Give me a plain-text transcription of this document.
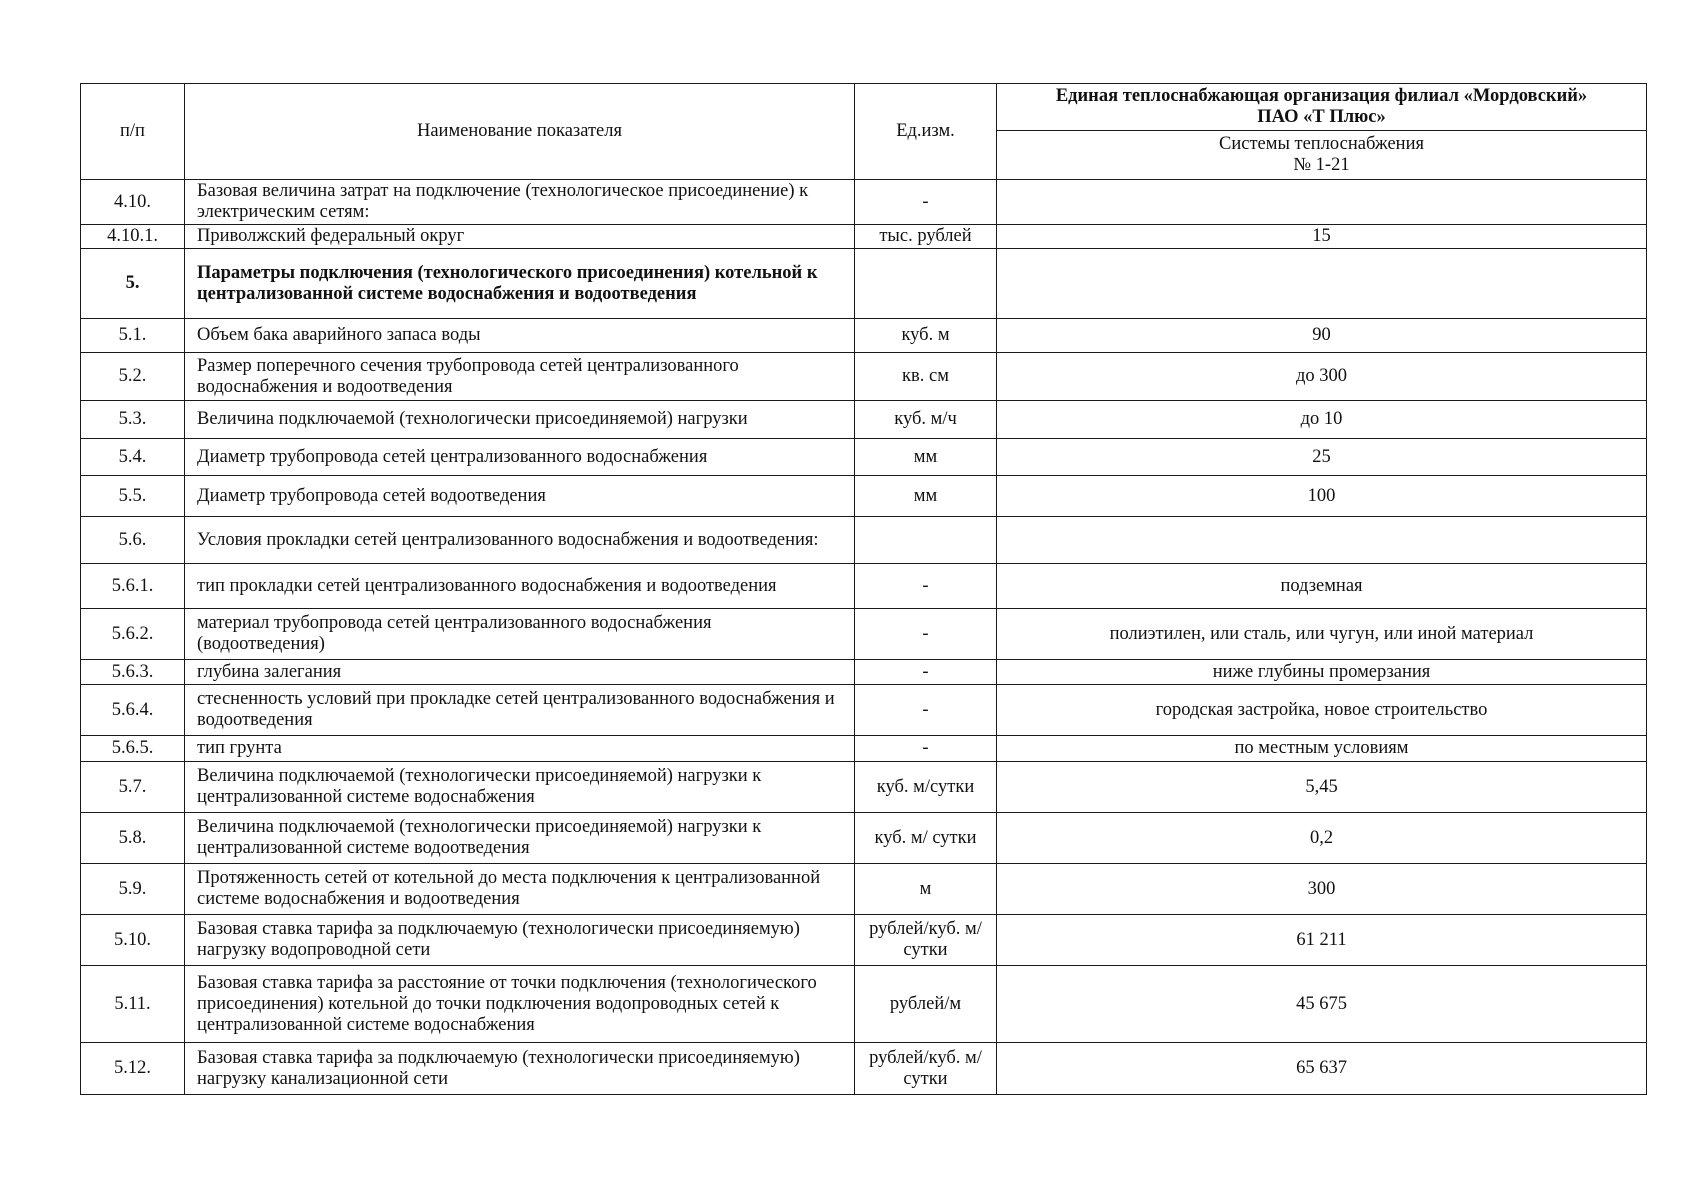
п/п	Наименование показателя	Ед.изм.	Единая теплоснабжающая организация филиал «Мордовский»
ПАО «Т Плюс»

			Системы теплоснабжения
№ 1-21

4.10.	Базовая величина затрат на подключение (технологическое присоединение) к электрическим сетям:	-	
4.10.1.	Приволжский федеральный округ	тыс. рублей	15
5.	Параметры подключения (технологического присоединения) котельной к централизованной системе водоснабжения и водоотведения		
5.1.	Объем бака аварийного запаса воды	куб. м	90
5.2.	Размер поперечного сечения трубопровода сетей централизованного водоснабжения и водоотведения	кв. см	до 300
5.3.	Величина подключаемой (технологически присоединяемой) нагрузки	куб. м/ч	до 10
5.4.	Диаметр трубопровода сетей централизованного водоснабжения	мм	25
5.5.	Диаметр трубопровода сетей водоотведения	мм	100
5.6.	Условия прокладки сетей централизованного водоснабжения и водоотведения:		
5.6.1.	тип прокладки сетей централизованного водоснабжения и водоотведения	-	подземная
5.6.2.	материал трубопровода сетей централизованного водоснабжения (водоотведения)	-	полиэтилен, или сталь, или чугун, или иной материал
5.6.3.	глубина залегания	-	ниже глубины промерзания
5.6.4.	стесненность условий при прокладке сетей централизованного водоснабжения и водоотведения	-	городская застройка, новое строительство
5.6.5.	тип грунта	-	по местным условиям
5.7.	Величина подключаемой (технологически присоединяемой) нагрузки к централизованной системе водоснабжения	куб. м/сутки	5,45
5.8.	Величина подключаемой (технологически присоединяемой) нагрузки к централизованной системе водоотведения	куб. м/ сутки	0,2
5.9.	Протяженность сетей от котельной до места подключения к централизованной системе водоснабжения и водоотведения	м	300
5.10.	Базовая ставка тарифа за подключаемую (технологически присоединяемую) нагрузку водопроводной сети	рублей/куб. м/сутки	61 211
5.11.	Базовая ставка тарифа за расстояние от точки подключения (технологического присоединения) котельной до точки подключения водопроводных сетей к централизованной системе водоснабжения	рублей/м	45 675
5.12.	Базовая ставка тарифа за подключаемую (технологически присоединяемую) нагрузку канализационной сети	рублей/куб. м/сутки	65 637
